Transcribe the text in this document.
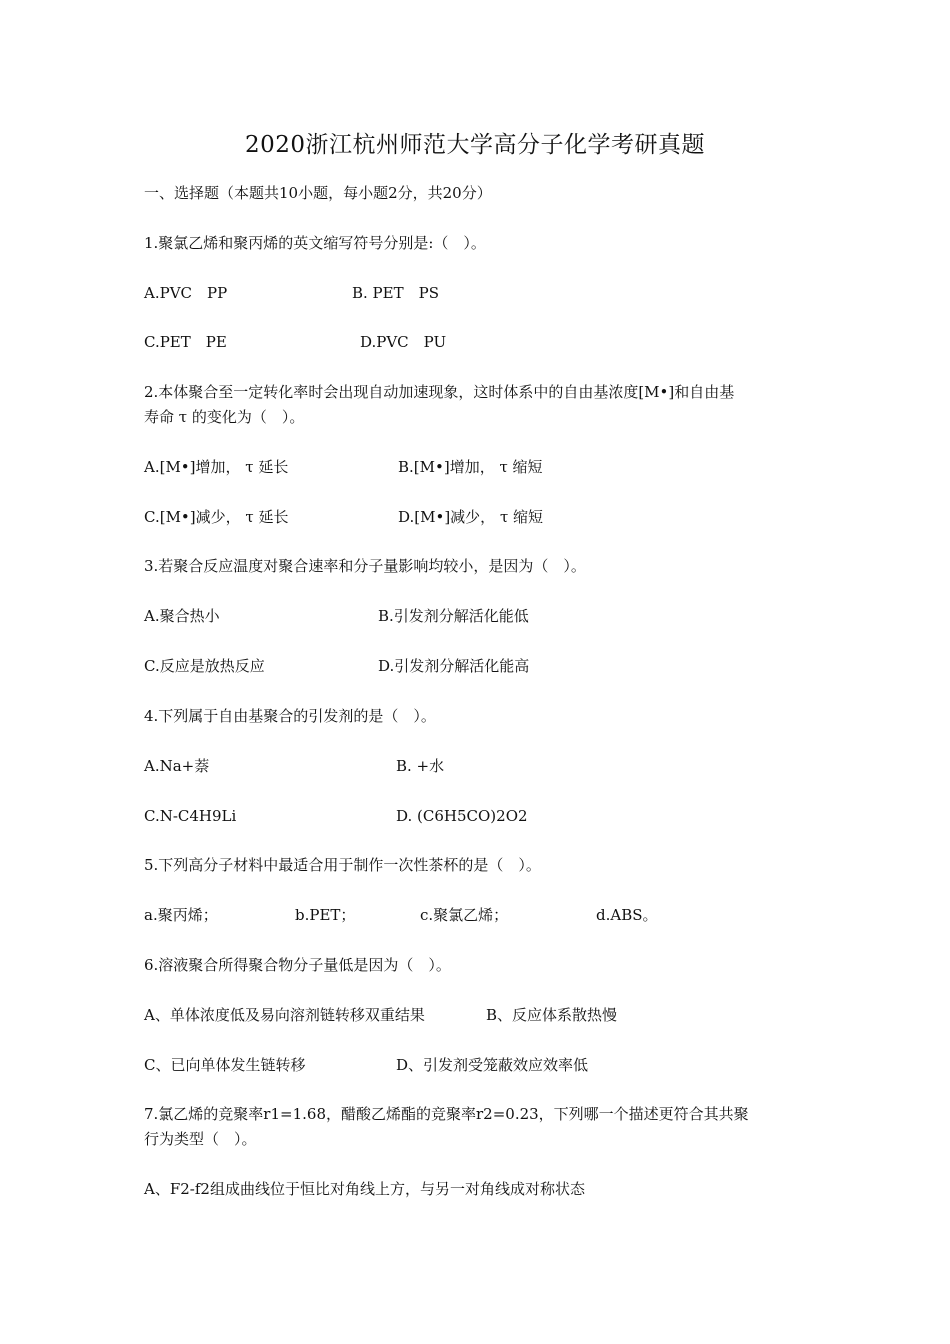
2020浙江杭州师范大学高分子化学考研真题
一、选择题（本题共10小题，每小题2分，共20分）
1.聚氯乙烯和聚丙烯的英文缩写符号分别是:（　）。
A.PVC　PP	B. PET　PS
C.PET　PE	D.PVC　PU
2.本体聚合至一定转化率时会出现自动加速现象，这时体系中的自由基浓度[M•]和自由基
寿命 τ 的变化为（　）。
A.[M•]增加， τ 延长	B.[M•]增加， τ 缩短
C.[M•]减少， τ 延长	D.[M•]减少， τ 缩短
3.若聚合反应温度对聚合速率和分子量影响均较小，是因为（　）。
A.聚合热小	B.引发剂分解活化能低
C.反应是放热反应	D.引发剂分解活化能高
4.下列属于自由基聚合的引发剂的是（　）。
A.Na+萘	B. +水
C.N-C4H9Li	D. (C6H5CO)2O2
5.下列高分子材料中最适合用于制作一次性茶杯的是（　）。
a.聚丙烯；	b.PET；	c.聚氯乙烯；	d.ABS。
6.溶液聚合所得聚合物分子量低是因为（　）。
A、单体浓度低及易向溶剂链转移双重结果	B、反应体系散热慢
C、已向单体发生链转移	D、引发剂受笼蔽效应效率低
7.氯乙烯的竞聚率r1=1.68，醋酸乙烯酯的竞聚率r2=0.23，下列哪一个描述更符合其共聚
行为类型（　）。
A、F2-f2组成曲线位于恒比对角线上方，与另一对角线成对称状态
